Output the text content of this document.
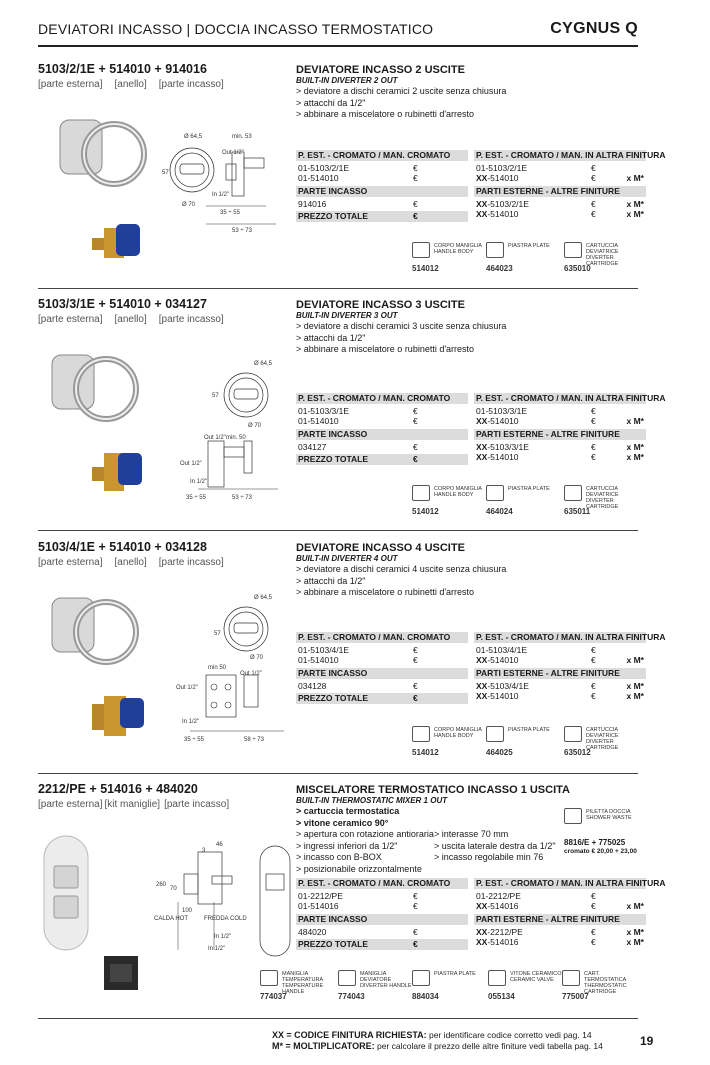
DEVIATORI INCASSO | DOCCIA INCASSO TERMOSTATICO	CYGNUS Q
5103/2/1E + 514010 + 914016
[parte esterna] [anello] [parte incasso]
Ø 64,5	min. 53
57
Out 1/2"
Ø 70
In 1/2"
35 ÷ 55
53 ÷ 73
DEVIATORE INCASSO 2 USCITE
BUILT-IN DIVERTER 2 OUT
> deviatore a dischi ceramici 2 uscite senza chiusura
> attacchi da 1/2"
> abbinare a miscelatore o rubinetti d'arresto
P. EST. - CROMATO / MAN. CROMATO
01-5103/2/1E	€
01-514010	€
PARTE INCASSO
914016	€
PREZZO TOTALE	€
P. EST. - CROMATO / MAN. IN ALTRA FINITURA
01-5103/2/1E	€
XX-514010	€	x M*
PARTI ESTERNE - ALTRE FINITURE
XX-5103/2/1E	€	x M*
XX-514010	€	x M*
CORPO MANIGLIA HANDLE BODY
514012
PIASTRA PLATE
464023
CARTUCCIA DEVIATRICE DIVERTER CARTRIDGE
635010
5103/3/1E + 514010 + 034127
[parte esterna] [anello] [parte incasso]
Ø 64,5
57
Ø 70
min. 50
Out 1/2"
Out 1/2"
In 1/2"
35 ÷ 55	53 ÷ 73
DEVIATORE INCASSO 3 USCITE
BUILT-IN DIVERTER 3 OUT
> deviatore a dischi ceramici 3 uscite senza chiusura
> attacchi da 1/2"
> abbinare a miscelatore o rubinetti d'arresto
P. EST. - CROMATO / MAN. CROMATO
01-5103/3/1E	€
01-514010	€
PARTE INCASSO
034127	€
PREZZO TOTALE	€
P. EST. - CROMATO / MAN. IN ALTRA FINITURA
01-5103/3/1E	€
XX-514010	€	x M*
PARTI ESTERNE - ALTRE FINITURE
XX-5103/3/1E	€	x M*
XX-514010	€	x M*
CORPO MANIGLIA HANDLE BODY
514012
PIASTRA PLATE
464024
CARTUCCIA DEVIATRICE DIVERTER CARTRIDGE
635011
5103/4/1E + 514010 + 034128
[parte esterna] [anello] [parte incasso]
Ø 64,5
57
Ø 70
min 50
Out 1/2"
Out 1/2"
In 1/2"
35 ÷ 55	58 ÷ 73
DEVIATORE INCASSO 4 USCITE
BUILT-IN DIVERTER 4 OUT
> deviatore a dischi ceramici 4 uscite senza chiusura
> attacchi da 1/2"
> abbinare a miscelatore o rubinetti d'arresto
P. EST. - CROMATO / MAN. CROMATO
01-5103/4/1E	€
01-514010	€
PARTE INCASSO
034128	€
PREZZO TOTALE	€
P. EST. - CROMATO / MAN. IN ALTRA FINITURA
01-5103/4/1E	€
XX-514010	€	x M*
PARTI ESTERNE - ALTRE FINITURE
XX-5103/4/1E	€	x M*
XX-514010	€	x M*
CORPO MANIGLIA HANDLE BODY
514012
PIASTRA PLATE
464025
CARTUCCIA DEVIATRICE DIVERTER CARTRIDGE
635012
2212/PE + 514016 + 484020
[parte esterna] [kit maniglie] [parte incasso]
46
3
260
70
100
CALDA HOT	FREDDA COLD
In 1/2"
In 1/2"
MISCELATORE TERMOSTATICO INCASSO 1 USCITA
BUILT-IN THERMOSTATIC MIXER 1 OUT
> cartuccia termostatica
> vitone ceramico 90°
> apertura con rotazione antioraria
> ingressi inferiori da 1/2"
> incasso con B-BOX
> posizionabile orizzontalmente
> interasse 70 mm
> uscita laterale destra da 1/2"
> incasso regolabile min 76
PILETTA DOCCIA SHOWER WASTE
8816/E + 775025
cromato € 20,00 + 23,00
P. EST. - CROMATO / MAN. CROMATO
01-2212/PE	€
01-514016	€
PARTE INCASSO
484020	€
PREZZO TOTALE	€
P. EST. - CROMATO / MAN. IN ALTRA FINITURA
01-2212/PE	€
XX-514016	€	x M*
PARTI ESTERNE - ALTRE FINITURE
XX-2212/PE	€	x M*
XX-514016	€	x M*
MANIGLIA TEMPERATURA TEMPERATURE HANDLE
774037
MANIGLIA DEVIATORE DIVERTER HANDLE
774043
PIASTRA PLATE
884034
VITONE CERAMICO CERAMIC VALVE
055134
CART. TERMOSTATICA THERMOSTATIC CARTRIDGE
775007
XX = CODICE FINITURA RICHIESTA: per identificare codice corretto vedi pag. 14
M* = MOLTIPLICATORE: per calcolare il prezzo delle altre finiture vedi tabella pag. 14	19
